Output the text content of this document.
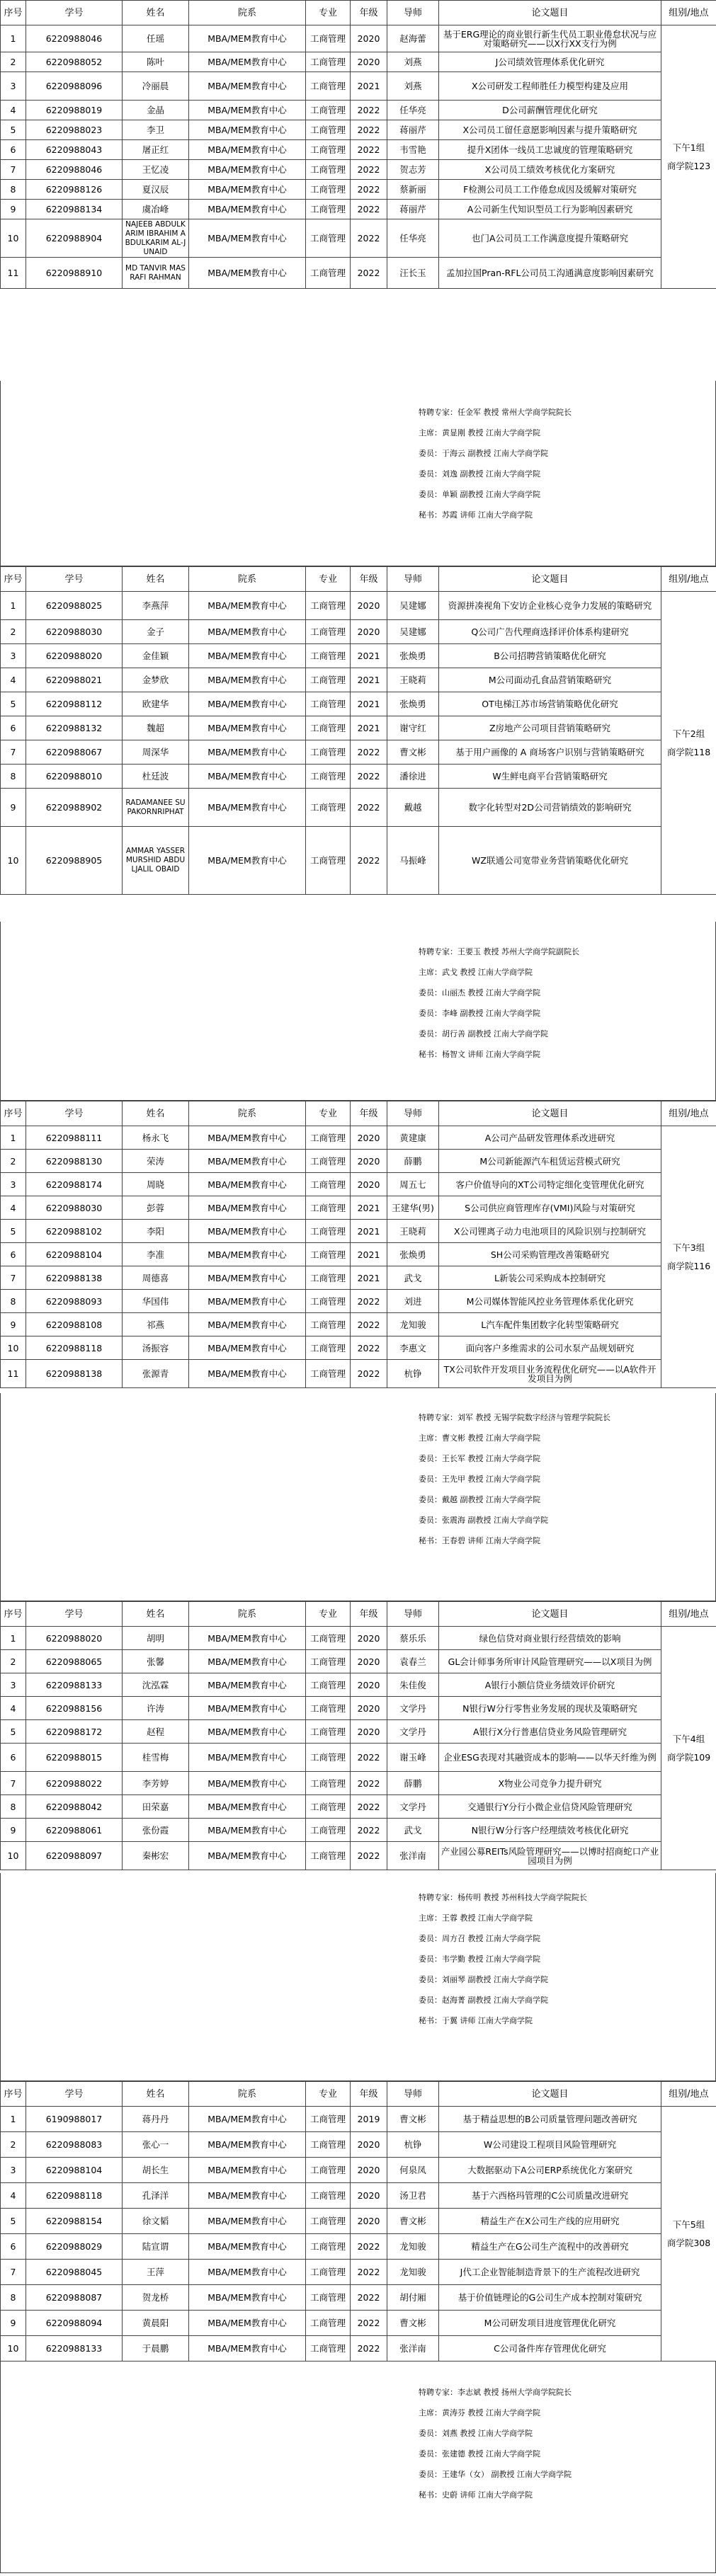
序号	学号	姓名	院系	专业	年级	导师	论文题目	组别/地点
1	6220988046	任瑶	MBA/MEM教育中心	工商管理	2020	赵海蕾	基于ERG理论的商业银行新生代员工职业倦怠状况与应对策略研究——以X行XX支行为例	下午1组

商学院123
2	6220988052	陈叶	MBA/MEM教育中心	工商管理	2020	刘燕	J公司绩效管理体系优化研究	
3	6220988096	冷丽晨	MBA/MEM教育中心	工商管理	2021	刘燕	X公司研发工程师胜任力模型构建及应用	
4	6220988019	金晶	MBA/MEM教育中心	工商管理	2022	任华亮	D公司薪酬管理优化研究	
5	6220988023	李卫	MBA/MEM教育中心	工商管理	2022	蒋丽芹	X公司员工留任意愿影响因素与提升策略研究	
6	6220988043	屠正红	MBA/MEM教育中心	工商管理	2022	韦雪艳	提升X团体一线员工忠诚度的管理策略研究	
7	6220988046	王忆凌	MBA/MEM教育中心	工商管理	2022	贺志芳	X公司员工绩效考核优化方案研究	
8	6220988126	夏汉辰	MBA/MEM教育中心	工商管理	2022	蔡新丽	F检测公司员工工作倦怠成因及缓解对策研究	
9	6220988134	虞冶峰	MBA/MEM教育中心	工商管理	2022	蒋丽芹	A公司新生代知识型员工行为影响因素研究	
10	6220988904	NAJEEB ABDULKARIM IBRAHIM ABDULKARIM AL-JUNAID	MBA/MEM教育中心	工商管理	2022	任华亮	也门A公司员工工作满意度提升策略研究	
11	6220988910	MD TANVIR MASRAFI RAHMAN	MBA/MEM教育中心	工商管理	2022	汪长玉	孟加拉国Pran-RFL公司员工沟通满意度影响因素研究	
特聘专家：任金军 教授 常州大学商学院院长
主席：黄显刚 教授 江南大学商学院
委员：于海云 副教授 江南大学商学院
委员：刘逸 副教授 江南大学商学院
委员：单颖 副教授 江南大学商学院
秘书：苏霞 讲师 江南大学商学院
序号	学号	姓名	院系	专业	年级	导师	论文题目	组别/地点
1	6220988025	李燕萍	MBA/MEM教育中心	工商管理	2020	吴建娜	资源拼凑视角下安访企业核心竞争力发展的策略研究	下午2组

商学院118
2	6220988030	金子	MBA/MEM教育中心	工商管理	2020	吴建娜	Q公司广告代理商选择评价体系构建研究	
3	6220988020	金佳颖	MBA/MEM教育中心	工商管理	2021	张焕勇	B公司招聘营销策略优化研究	
4	6220988021	金梦欣	MBA/MEM教育中心	工商管理	2021	王晓莉	M公司面动孔食品营销策略研究	
5	6220988112	欧建华	MBA/MEM教育中心	工商管理	2021	张焕勇	OT电梯江苏市场营销策略优化研究	
6	6220988132	魏超	MBA/MEM教育中心	工商管理	2021	谢守红	Z房地产公司项目营销策略研究	
7	6220988067	周深华	MBA/MEM教育中心	工商管理	2022	曹文彬	基于用户画像的 A 商场客户识别与营销策略研究	
8	6220988010	杜廷波	MBA/MEM教育中心	工商管理	2022	潘徐进	W生鲜电商平台营销策略研究	
9	6220988902	RADAMANEE SUPAKORNRIPHAT	MBA/MEM教育中心	工商管理	2022	戴越	数字化转型对2D公司营销绩效的影响研究	
10	6220988905	AMMAR YASSER MURSHID ABDULJALIL OBAID	MBA/MEM教育中心	工商管理	2022	马振峰	WZ联通公司宽带业务营销策略优化研究	
特聘专家：王要玉 教授 苏州大学商学院副院长
主席：武戈 教授 江南大学商学院
委员：山丽杰 教授 江南大学商学院
委员：李峰 副教授 江南大学商学院
委员：胡行善 副教授 江南大学商学院
秘书：杨智文 讲师 江南大学商学院
序号	学号	姓名	院系	专业	年级	导师	论文题目	组别/地点
1	6220988111	杨永飞	MBA/MEM教育中心	工商管理	2020	黄建康	A公司产品研发管理体系改进研究	下午3组

商学院116
2	6220988130	荣涛	MBA/MEM教育中心	工商管理	2020	薛鹏	M公司新能源汽车租赁运营模式研究	
3	6220988174	周晓	MBA/MEM教育中心	工商管理	2020	周五七	客户价值导向的XT公司特定细化变管理优化研究	
4	6220988030	彭蓉	MBA/MEM教育中心	工商管理	2021	王建华(男)	S公司供应商管理库存(VMI)风险与对策研究	
5	6220988102	李阳	MBA/MEM教育中心	工商管理	2021	王晓莉	X公司锂离子动力电池项目的风险识别与控制研究	
6	6220988104	李准	MBA/MEM教育中心	工商管理	2021	张焕勇	SH公司采购管理改善策略研究	
7	6220988138	周德喜	MBA/MEM教育中心	工商管理	2021	武戈	L新装公司采购成本控制研究	
8	6220988093	华国伟	MBA/MEM教育中心	工商管理	2022	刘进	M公司媒体智能风控业务管理体系优化研究	
9	6220988108	祁燕	MBA/MEM教育中心	工商管理	2022	龙知骏	L汽车配件集团数字化转型策略研究	
10	6220988118	汤振容	MBA/MEM教育中心	工商管理	2022	李惠文	面向客户多维需求的公司水泵产品规划研究	
11	6220988138	张源青	MBA/MEM教育中心	工商管理	2022	杭铮	TX公司软件开发项目业务流程优化研究——以A软件开发项目为例	
特聘专家：刘军 教授 无锡学院数字经济与管理学院院长
主席：曹文彬 教授 江南大学商学院
委员：王长军 教授 江南大学商学院
委员：王先甲 教授 江南大学商学院
委员：戴越 副教授 江南大学商学院
委员：张震海 副教授 江南大学商学院
秘书：王春碧 讲师 江南大学商学院
序号	学号	姓名	院系	专业	年级	导师	论文题目	组别/地点
1	6220988020	胡明	MBA/MEM教育中心	工商管理	2020	蔡乐乐	绿色信贷对商业银行经营绩效的影响	下午4组

商学院109
2	6220988065	张馨	MBA/MEM教育中心	工商管理	2020	袁春兰	GL会计师事务所审计风险管理研究——以X项目为例	
3	6220988133	沈泓霖	MBA/MEM教育中心	工商管理	2020	朱佳俊	A银行小额信贷业务绩效评价研究	
4	6220988156	许涛	MBA/MEM教育中心	工商管理	2020	文学丹	N银行W分行零售业务发展的现状及策略研究	
5	6220988172	赵程	MBA/MEM教育中心	工商管理	2020	文学丹	A银行X分行普惠信贷业务风险管理研究	
6	6220988015	桂雪梅	MBA/MEM教育中心	工商管理	2022	谢玉峰	企业ESG表现对其融资成本的影响——以华天纤维为例	
7	6220988022	李芳婷	MBA/MEM教育中心	工商管理	2022	薛鹏	X物业公司竞争力提升研究	
8	6220988042	田荣嘉	MBA/MEM教育中心	工商管理	2022	文学丹	交通银行Y分行小微企业信贷风险管理研究	
9	6220988061	张份霞	MBA/MEM教育中心	工商管理	2022	武戈	N银行W分行客户经理绩效考核优化研究	
10	6220988097	秦彬宏	MBA/MEM教育中心	工商管理	2022	张洋南	产业园公募REITs风险管理研究——以博时招商蛇口产业园项目为例	
特聘专家：杨传明 教授 苏州科技大学商学院院长
主席：王蓉 教授 江南大学商学院
委员：周方召 教授 江南大学商学院
委员：韦学勤 教授 江南大学商学院
委员：刘丽琴 副教授 江南大学商学院
委员：赵海菁 副教授 江南大学商学院
秘书：于翼 讲师 江南大学商学院
序号	学号	姓名	院系	专业	年级	导师	论文题目	组别/地点
1	6190988017	蒋丹丹	MBA/MEM教育中心	工商管理	2019	曹文彬	基于精益思想的B公司质量管理问题改善研究	下午5组

商学院308
2	6220988083	张心一	MBA/MEM教育中心	工商管理	2020	杭铮	W公司建设工程项目风险管理研究	
3	6220988104	胡长生	MBA/MEM教育中心	工商管理	2020	何泉凤	大数据驱动下A公司ERP系统优化方案研究	
4	6220988118	孔泽洋	MBA/MEM教育中心	工商管理	2020	汤卫君	基于六西格玛管理的C公司质量改进研究	
5	6220988154	徐文韬	MBA/MEM教育中心	工商管理	2020	曹文彬	精益生产在X公司生产线的应用研究	
6	6220988029	陆宣谓	MBA/MEM教育中心	工商管理	2022	龙知骏	精益生产在G公司生产流程中的改善研究	
7	6220988045	王萍	MBA/MEM教育中心	工商管理	2022	龙知骏	J代工企业智能制造背景下的生产流程改进研究	
8	6220988087	贺龙桥	MBA/MEM教育中心	工商管理	2022	胡付厢	基于价值链理论的G公司生产成本控制对策研究	
9	6220988094	黄晨阳	MBA/MEM教育中心	工商管理	2022	曹文彬	M公司研发项目进度管理优化研究	
10	6220988133	于晨鹏	MBA/MEM教育中心	工商管理	2022	张洋南	C公司备件库存管理优化研究	
特聘专家：李志斌 教授 扬州大学商学院院长
主席：黄涛芬 教授 江南大学商学院
委员：刘燕 教授 江南大学商学院
委员：张建德 教授 江南大学商学院
委员：王建华（女） 副教授 江南大学商学院
秘书：史蔚 讲师 江南大学商学院
